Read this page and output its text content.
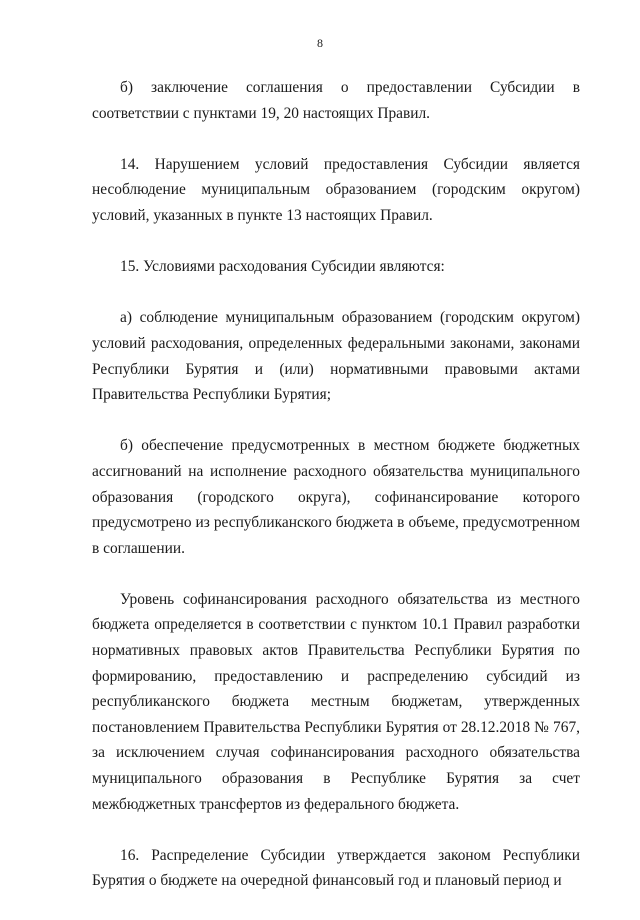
8

б) заключение соглашения о предоставлении Субсидии в соответствии с пунктами 19, 20 настоящих Правил.

14. Нарушением условий предоставления Субсидии является несоблюдение муниципальным образованием (городским округом) условий, указанных в пункте 13 настоящих Правил.

15. Условиями расходования Субсидии являются:

а) соблюдение муниципальным образованием (городским округом) условий расходования, определенных федеральными законами, законами Республики Бурятия и (или) нормативными правовыми актами Правительства Республики Бурятия;

б) обеспечение предусмотренных в местном бюджете бюджетных ассигнований на исполнение расходного обязательства муниципального образования (городского округа), софинансирование которого предусмотрено из республиканского бюджета в объеме, предусмотренном в соглашении.

Уровень софинансирования расходного обязательства из местного бюджета определяется в соответствии с пунктом 10.1 Правил разработки нормативных правовых актов Правительства Республики Бурятия по формированию, предоставлению и распределению субсидий из республиканского бюджета местным бюджетам, утвержденных постановлением Правительства Республики Бурятия от 28.12.2018 № 767, за исключением случая софинансирования расходного обязательства муниципального образования в Республике Бурятия за счет межбюджетных трансфертов из федерального бюджета.

16. Распределение Субсидии утверждается законом Республики Бурятия о бюджете на очередной финансовый год и плановый период и
